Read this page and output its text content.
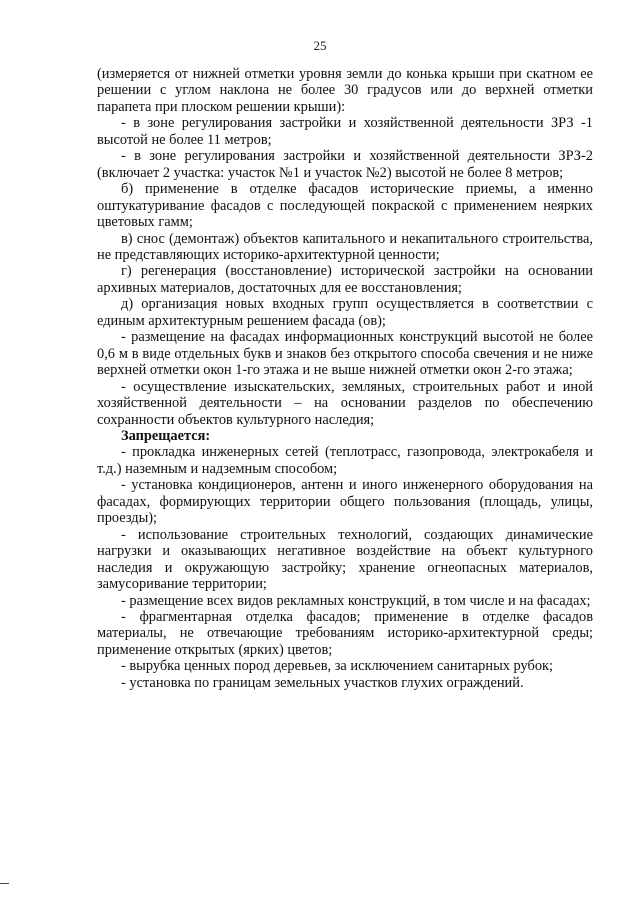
25

(измеряется от нижней отметки уровня земли до конька крыши при скатном ее решении с углом наклона не более 30 градусов или до верхней отметки парапета при плоском решении крыши):

- в зоне регулирования застройки и хозяйственной деятельности ЗРЗ -1 высотой не более 11 метров;

- в зоне регулирования застройки и хозяйственной деятельности ЗРЗ-2 (включает 2 участка: участок №1 и участок №2) высотой не более 8 метров;

б) применение в отделке фасадов исторические приемы, а именно оштукатуривание фасадов с последующей покраской с применением неярких цветовых гамм;

в) снос (демонтаж) объектов капитального и некапитального строительства, не представляющих историко-архитектурной ценности;

г) регенерация (восстановление) исторической застройки на основании архивных материалов, достаточных для ее восстановления;

д) организация новых входных групп осуществляется в соответствии с единым архитектурным решением фасада (ов);

- размещение на фасадах информационных конструкций высотой не более 0,6 м в виде отдельных букв и знаков без открытого способа свечения и не ниже верхней отметки окон 1-го этажа и не выше нижней отметки окон 2-го этажа;

- осуществление изыскательских, земляных, строительных работ и иной хозяйственной деятельности – на основании разделов по обеспечению сохранности объектов культурного наследия;

Запрещается:

- прокладка инженерных сетей (теплотрасс, газопровода, электрокабеля и т.д.) наземным и надземным способом;

- установка кондиционеров, антенн и иного инженерного оборудования на фасадах, формирующих территории общего пользования (площадь, улицы, проезды);

- использование строительных технологий, создающих динамические нагрузки и оказывающих негативное воздействие на объект культурного наследия и окружающую застройку; хранение огнеопасных материалов, замусоривание территории;

- размещение всех видов рекламных конструкций, в том числе и на фасадах;

- фрагментарная отделка фасадов; применение в отделке фасадов материалы, не отвечающие требованиям историко-архитектурной среды; применение открытых (ярких) цветов;

- вырубка ценных пород деревьев, за исключением санитарных рубок;

- установка по границам земельных участков глухих ограждений.
